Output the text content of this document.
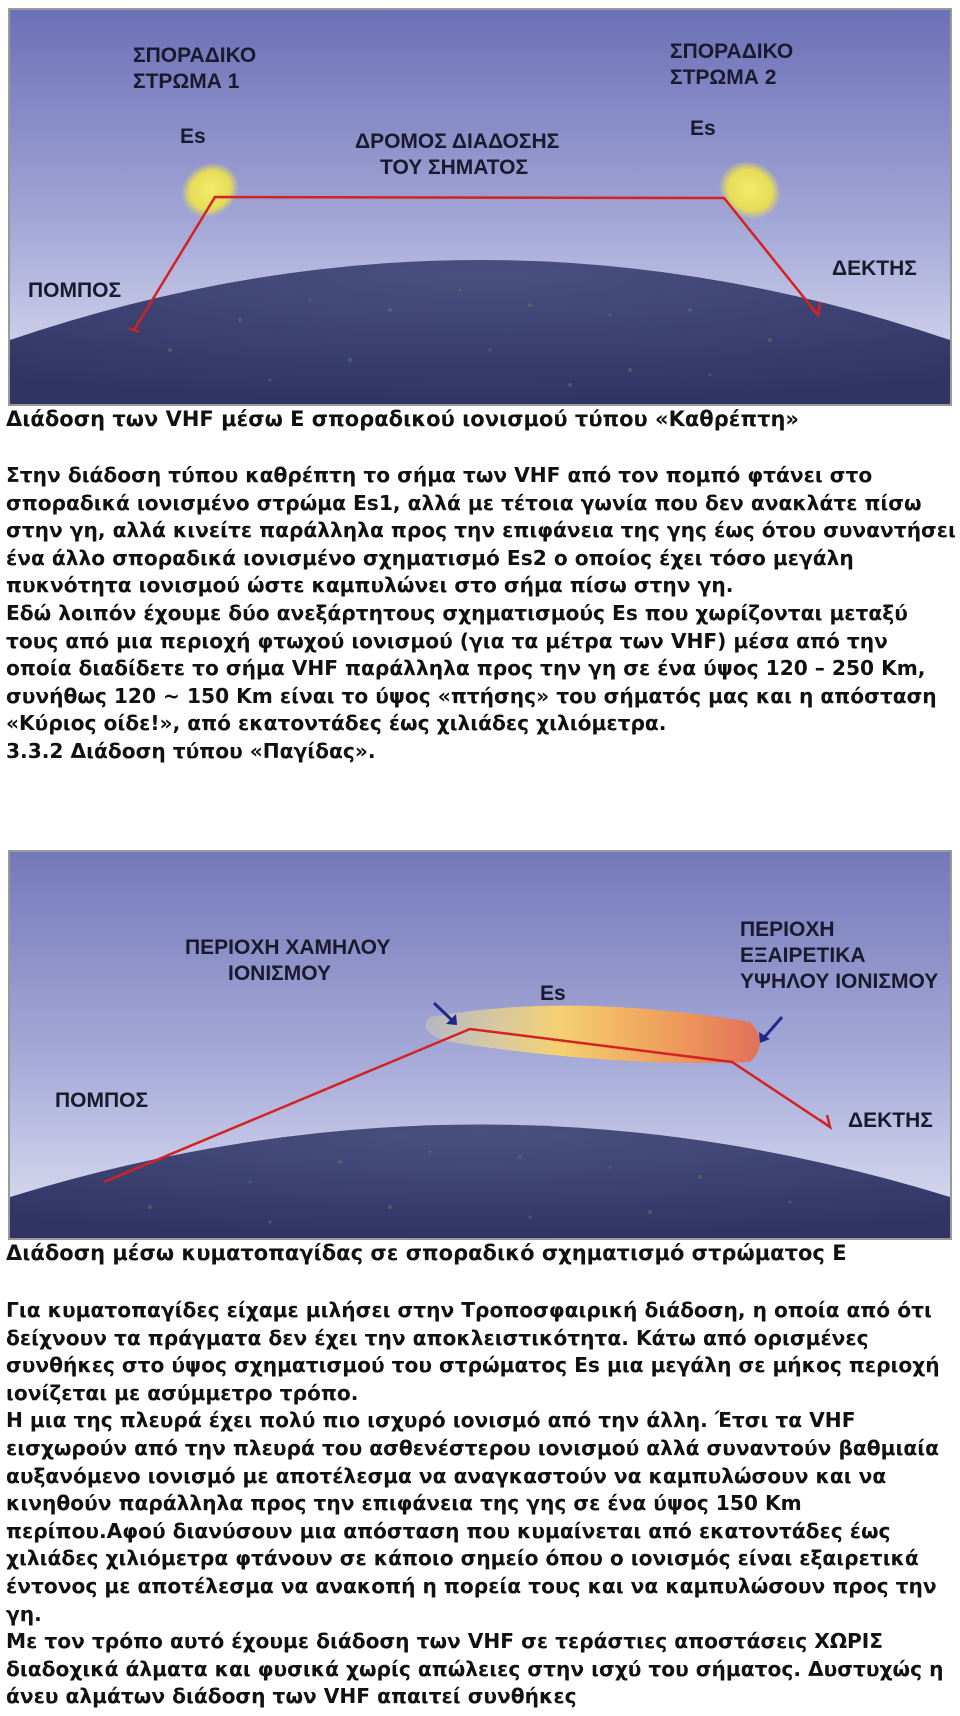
ΣΠΟΡΑΔΙΚΟ
ΣΤΡΩΜΑ 1
ΣΠΟΡΑΔΙΚΟ
ΣΤΡΩΜΑ 2
Es	Es
ΔΡΟΜΟΣ ΔΙΑΔΟΣΗΣ
ΤΟΥ ΣΗΜΑΤΟΣ
ΠΟΜΠΟΣ
ΔΕΚΤΗΣ
Διάδοση των VHF μέσω E σποραδικού ιονισμού τύπου «Καθρέπτη»

Στην διάδοση τύπου καθρέπτη το σήμα των VHF από τον πομπό φτάνει στο σποραδικά ιονισμένο στρώμα Es1, αλλά με τέτοια γωνία που δεν ανακλάτε πίσω στην γη, αλλά κινείτε παράλληλα προς την επιφάνεια της γης έως ότου συναντήσει ένα άλλο σποραδικά ιονισμένο σχηματισμό Es2 ο οποίος έχει τόσο μεγάλη πυκνότητα ιονισμού ώστε καμπυλώνει στο σήμα πίσω στην γη.

Εδώ λοιπόν έχουμε δύο ανεξάρτητους σχηματισμούς Es που χωρίζονται μεταξύ τους από μια περιοχή φτωχού ιονισμού (για τα μέτρα των VHF) μέσα από την οποία διαδίδετε το σήμα VHF παράλληλα προς την γη σε ένα ύψος 120 – 250 Km, συνήθως 120 ~ 150 Km είναι το ύψος «πτήσης» του σήματός μας και η απόσταση «Κύριος οίδε!», από εκατοντάδες έως χιλιάδες χιλιόμετρα.

3.3.2 Διάδοση τύπου «Παγίδας».

ΠΕΡΙΟΧΗ ΧΑΜΗΛΟΥ
ΙΟΝΙΣΜΟΥ
ΠΕΡΙΟΧΗ
ΕΞΑΙΡΕΤΙΚΑ
ΥΨΗΛΟΥ ΙΟΝΙΣΜΟΥ
Es
ΠΟΜΠΟΣ
ΔΕΚΤΗΣ
Διάδοση μέσω κυματοπαγίδας σε σποραδικό σχηματισμό στρώματος E

Για κυματοπαγίδες είχαμε μιλήσει στην Τροποσφαιρική διάδοση, η οποία από ότι δείχνουν τα πράγματα δεν έχει την αποκλειστικότητα. Κάτω από ορισμένες συνθήκες στο ύψος σχηματισμού του στρώματος Es μια μεγάλη σε μήκος περιοχή ιονίζεται με ασύμμετρο τρόπο.

Η μια της πλευρά έχει πολύ πιο ισχυρό ιονισμό από την άλλη. Έτσι τα VHF εισχωρούν από την πλευρά του ασθενέστερου ιονισμού αλλά συναντούν βαθμιαία αυξανόμενο ιονισμό με αποτέλεσμα να αναγκαστούν να καμπυλώσουν και να κινηθούν παράλληλα προς την επιφάνεια της γης σε ένα ύψος 150 Km περίπου.Αφού διανύσουν μια απόσταση που κυμαίνεται από εκατοντάδες έως χιλιάδες χιλιόμετρα φτάνουν σε κάποιο σημείο όπου ο ιονισμός είναι εξαιρετικά έντονος με αποτέλεσμα να ανακοπή η πορεία τους και να καμπυλώσουν προς την γη.

Με τον τρόπο αυτό έχουμε διάδοση των VHF σε τεράστιες αποστάσεις ΧΩΡΙΣ διαδοχικά άλματα και φυσικά χωρίς απώλειες στην ισχύ του σήματος. Δυστυχώς η άνευ αλμάτων διάδοση των VHF απαιτεί συνθήκες
